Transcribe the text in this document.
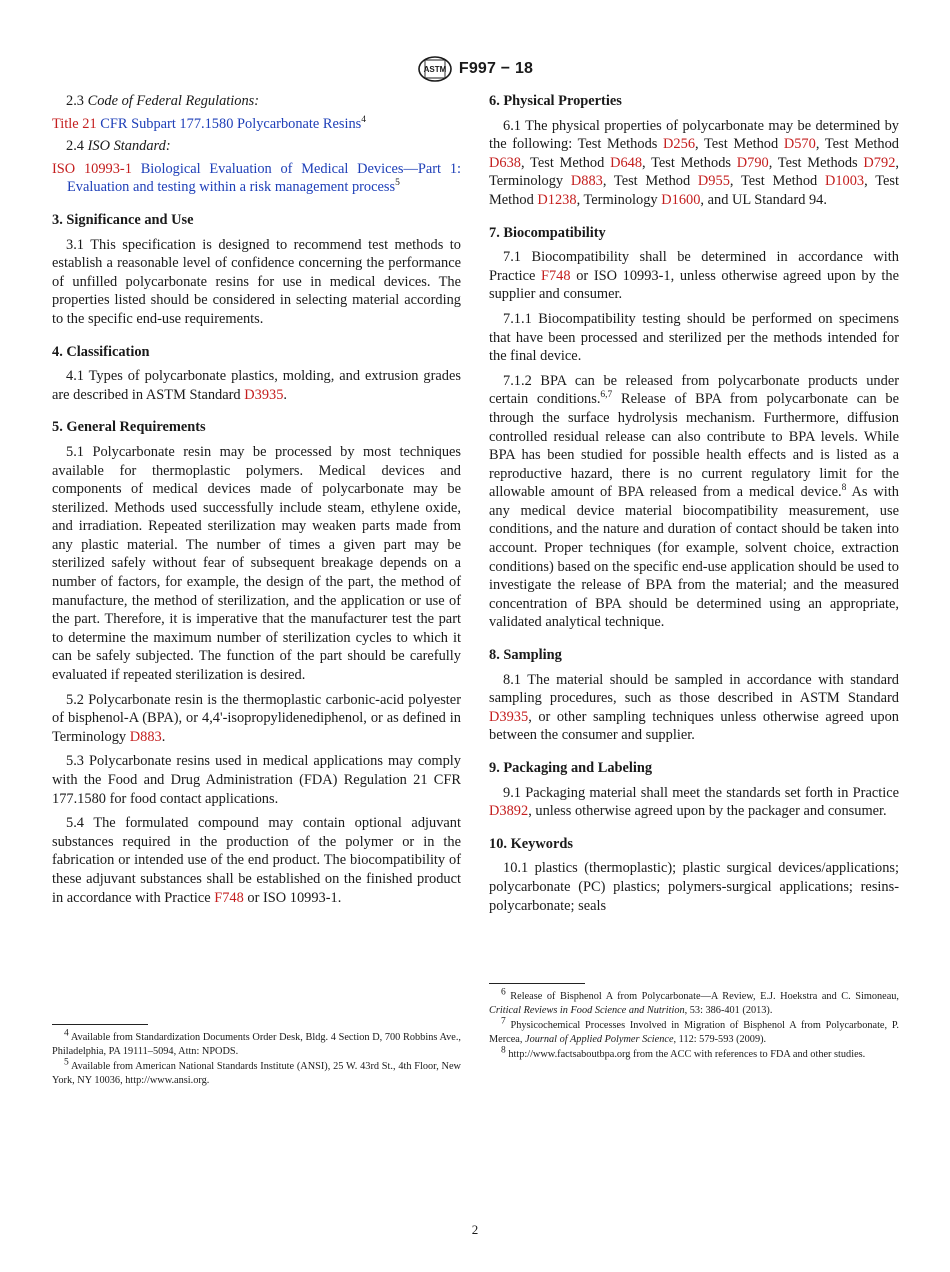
ASTM F997 − 18

2.3 Code of Federal Regulations:

Title 21 CFR Subpart 177.1580 Polycarbonate Resins$^4$

2.4 ISO Standard:

ISO 10993-1 Biological Evaluation of Medical Devices—Part 1: Evaluation and testing within a risk management process$^5$

3. Significance and Use

3.1 This specification is designed to recommend test methods to establish a reasonable level of confidence concerning the performance of unfilled polycarbonate resins for use in medical devices. The properties listed should be considered in selecting material according to the specific end-use requirements.

4. Classification

4.1 Types of polycarbonate plastics, molding, and extrusion grades are described in ASTM Standard D3935.

5. General Requirements

5.1 Polycarbonate resin may be processed by most techniques available for thermoplastic polymers. Medical devices and components of medical devices made of polycarbonate may be sterilized. Methods used successfully include steam, ethylene oxide, and irradiation. Repeated sterilization may weaken parts made from any plastic material. The number of times a given part may be sterilized safely without fear of subsequent breakage depends on a number of factors, for example, the design of the part, the method of manufacture, the method of sterilization, and the application or use of the part. Therefore, it is imperative that the manufacturer test the part to determine the maximum number of sterilization cycles to which it can be safely subjected. The function of the part should be carefully evaluated if repeated sterilization is desired.

5.2 Polycarbonate resin is the thermoplastic carbonic-acid polyester of bisphenol-A (BPA), or 4,4'-isopropylidenediphenol, or as defined in Terminology D883.

5.3 Polycarbonate resins used in medical applications may comply with the Food and Drug Administration (FDA) Regulation 21 CFR 177.1580 for food contact applications.

5.4 The formulated compound may contain optional adjuvant substances required in the production of the polymer or in the fabrication or intended use of the end product. The biocompatibility of these adjuvant substances shall be established on the finished product in accordance with Practice F748 or ISO 10993-1.

$^4$ Available from Standardization Documents Order Desk, Bldg. 4 Section D, 700 Robbins Ave., Philadelphia, PA 19111–5094, Attn: NPODS.

$^5$ Available from American National Standards Institute (ANSI), 25 W. 43rd St., 4th Floor, New York, NY 10036, http://www.ansi.org.

6. Physical Properties

6.1 The physical properties of polycarbonate may be determined by the following: Test Methods D256, Test Method D570, Test Method D638, Test Method D648, Test Methods D790, Test Methods D792, Terminology D883, Test Method D955, Test Method D1003, Test Method D1238, Terminology D1600, and UL Standard 94.

7. Biocompatibility

7.1 Biocompatibility shall be determined in accordance with Practice F748 or ISO 10993-1, unless otherwise agreed upon by the supplier and consumer.

7.1.1 Biocompatibility testing should be performed on specimens that have been processed and sterilized per the methods intended for the final device.

7.1.2 BPA can be released from polycarbonate products under certain conditions.$^{6,7}$ Release of BPA from polycarbonate can be through the surface hydrolysis mechanism. Furthermore, diffusion controlled residual release can also contribute to BPA levels. While BPA has been studied for possible health effects and is listed as a reproductive hazard, there is no current regulatory limit for the allowable amount of BPA released from a medical device.$^8$ As with any medical device material biocompatibility measurement, use conditions, and the nature and duration of contact should be taken into account. Proper techniques (for example, solvent choice, extraction conditions) based on the specific end-use application should be used to investigate the release of BPA from the material; and the measured concentration of BPA should be determined using an appropriate, validated analytical technique.

8. Sampling

8.1 The material should be sampled in accordance with standard sampling procedures, such as those described in ASTM Standard D3935, or other sampling techniques unless otherwise agreed upon between the consumer and supplier.

9. Packaging and Labeling

9.1 Packaging material shall meet the standards set forth in Practice D3892, unless otherwise agreed upon by the packager and consumer.

10. Keywords

10.1 plastics (thermoplastic); plastic surgical devices/applications; polycarbonate (PC) plastics; polymers-surgical applications; resins-polycarbonate; seals

$^6$ Release of Bisphenol A from Polycarbonate—A Review, E.J. Hoekstra and C. Simoneau, Critical Reviews in Food Science and Nutrition, 53: 386-401 (2013).

$^7$ Physicochemical Processes Involved in Migration of Bisphenol A from Polycarbonate, P. Mercea, Journal of Applied Polymer Science, 112: 579-593 (2009).

$^8$ http://www.factsaboutbpa.org from the ACC with references to FDA and other studies.

2
